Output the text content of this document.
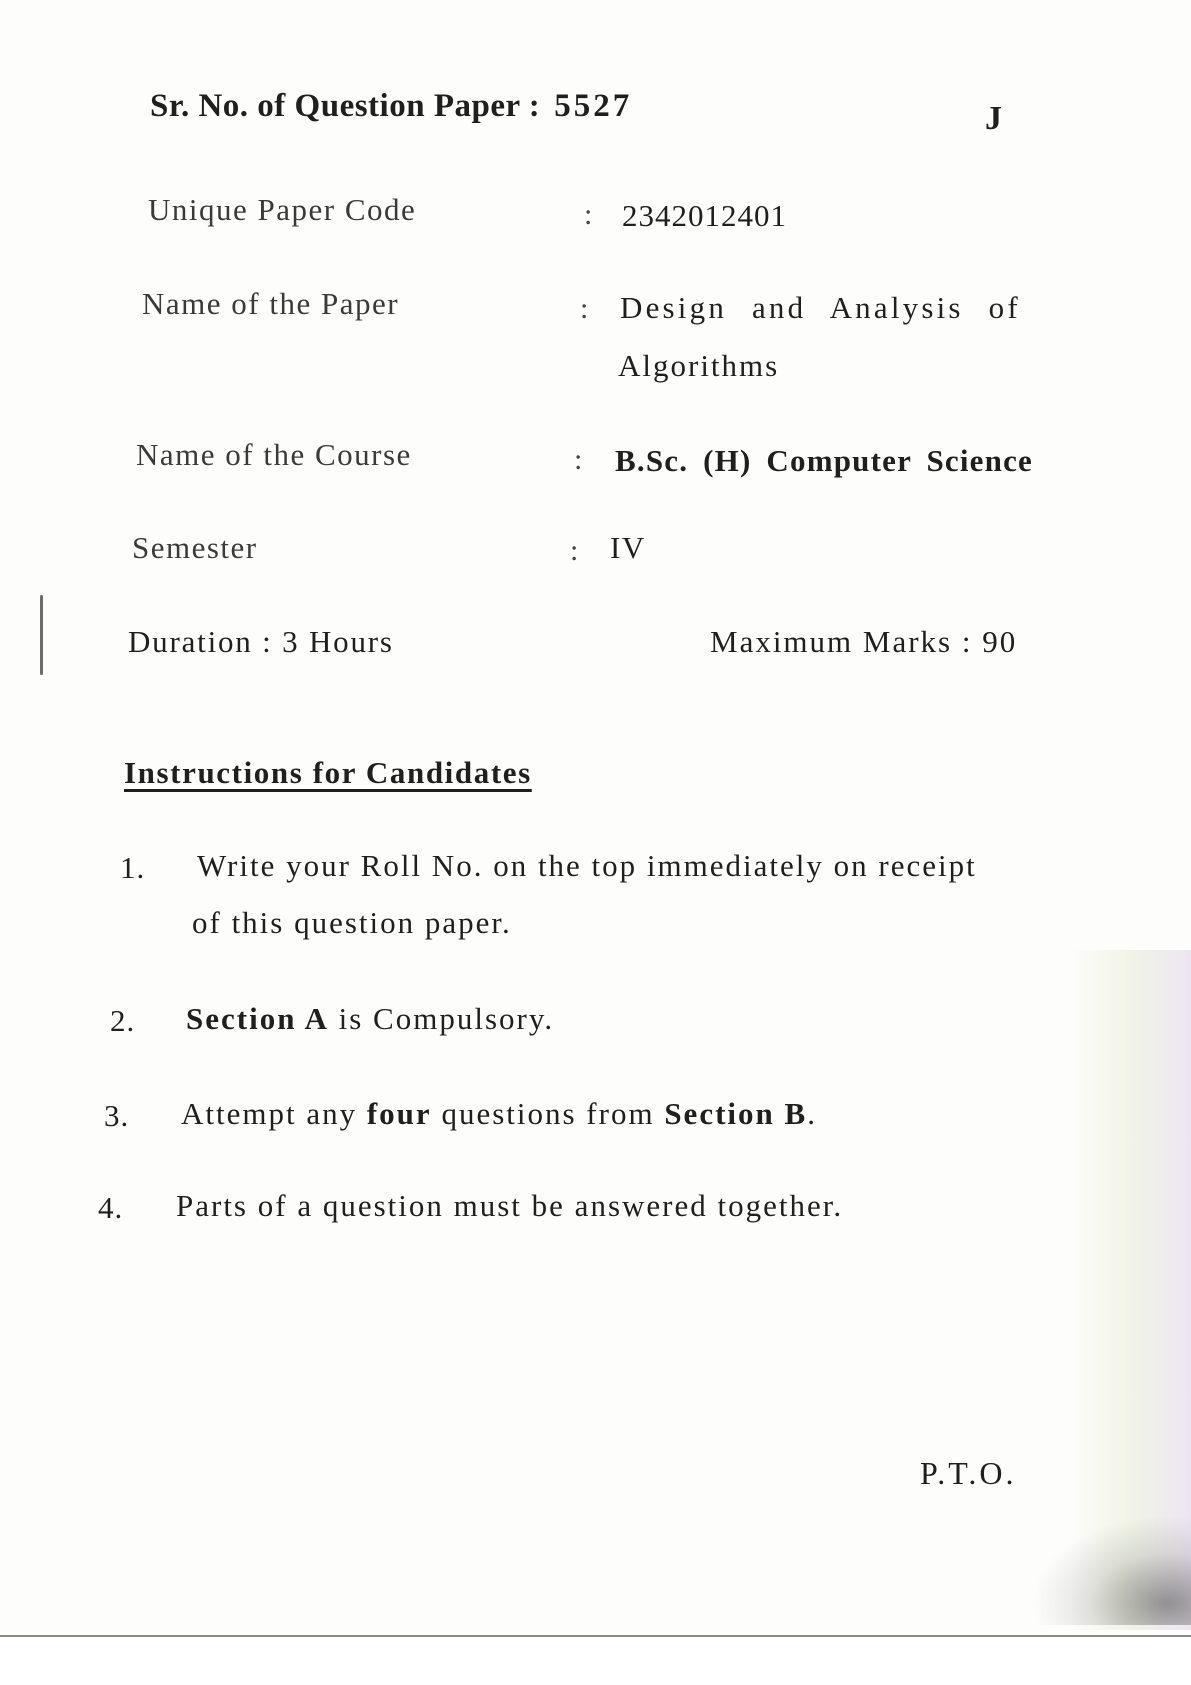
Sr. No. of Question Paper : 5527	J
Unique Paper Code	: 2342012401
Name of the Paper	: Design and Analysis of
Algorithms
Name of the Course	: B.Sc. (H) Computer Science
Semester	: IV
Duration : 3 Hours	Maximum Marks : 90
Instructions for Candidates
1. Write your Roll No. on the top immediately on receipt
of this question paper.
2. Section A is Compulsory.
3. Attempt any four questions from Section B.
4. Parts of a question must be answered together.
P.T.O.
